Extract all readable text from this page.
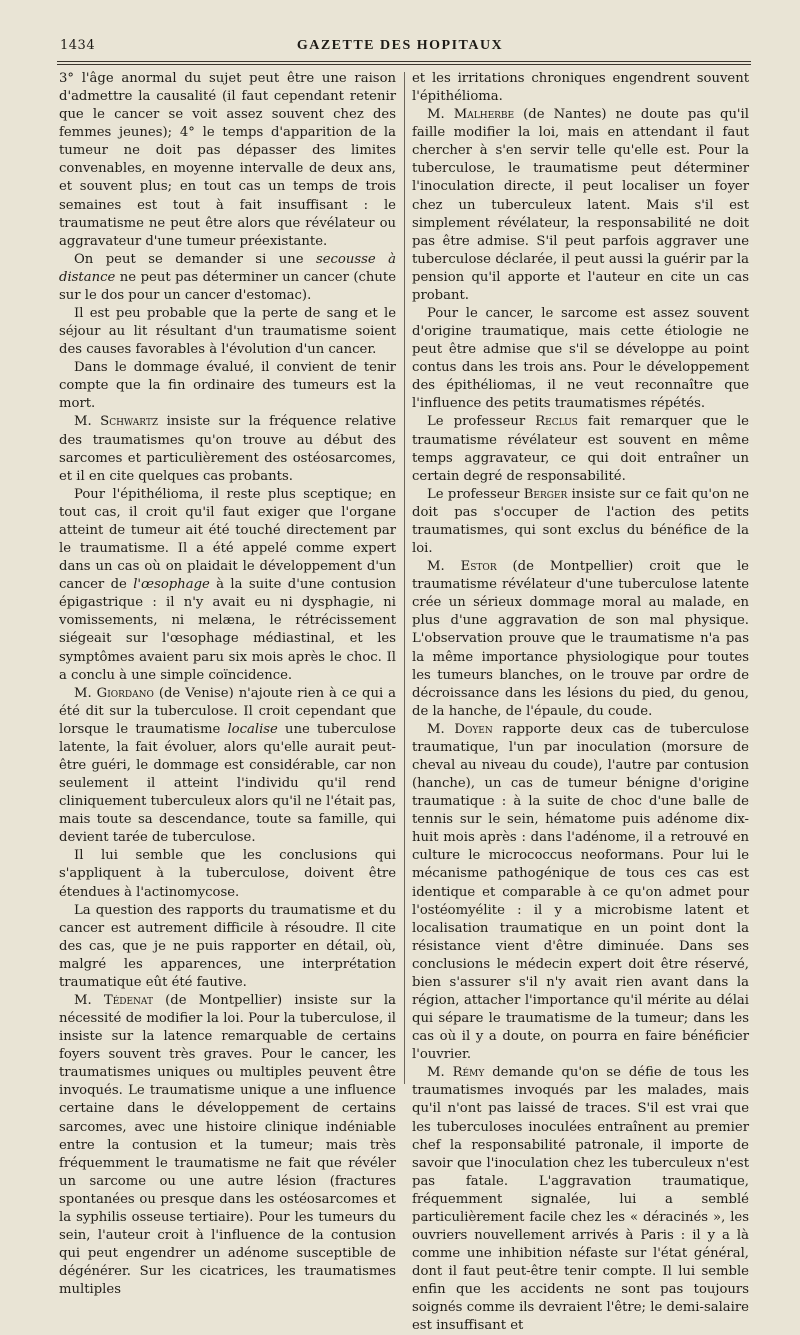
1434	GAZETTE DES HOPITAUX

3° l'âge anormal du sujet peut être une raison d'admettre la causalité (il faut cependant retenir que le cancer se voit assez souvent chez des femmes jeunes); 4° le temps d'apparition de la tumeur ne doit pas dépasser des limites convenables, en moyenne intervalle de deux ans, et souvent plus; en tout cas un temps de trois semaines est tout à fait insuffisant : le traumatisme ne peut être alors que révélateur ou aggravateur d'une tumeur préexistante.

On peut se demander si une secousse à distance ne peut pas déterminer un cancer (chute sur le dos pour un cancer d'estomac).

Il est peu probable que la perte de sang et le séjour au lit résultant d'un traumatisme soient des causes favorables à l'évolution d'un cancer.

Dans le dommage évalué, il convient de tenir compte que la fin ordinaire des tumeurs est la mort.

M. Schwartz insiste sur la fréquence relative des traumatismes qu'on trouve au début des sarcomes et particulièrement des ostéosarcomes, et il en cite quelques cas probants.

Pour l'épithélioma, il reste plus sceptique; en tout cas, il croit qu'il faut exiger que l'organe atteint de tumeur ait été touché directement par le traumatisme. Il a été appelé comme expert dans un cas où on plaidait le développement d'un cancer de l'œsophage à la suite d'une contusion épigastrique : il n'y avait eu ni dysphagie, ni vomissements, ni melæna, le rétrécissement siégeait sur l'œsophage médiastinal, et les symptômes avaient paru six mois après le choc. Il a conclu à une simple coïncidence.

M. Giordano (de Venise) n'ajoute rien à ce qui a été dit sur la tuberculose. Il croit cependant que lorsque le traumatisme localise une tuberculose latente, la fait évoluer, alors qu'elle aurait peut-être guéri, le dommage est considérable, car non seulement il atteint l'individu qu'il rend cliniquement tuberculeux alors qu'il ne l'était pas, mais toute sa descendance, toute sa famille, qui devient tarée de tuberculose.

Il lui semble que les conclusions qui s'appliquent à la tuberculose, doivent être étendues à l'actinomycose.

La question des rapports du traumatisme et du cancer est autrement difficile à résoudre. Il cite des cas, que je ne puis rapporter en détail, où, malgré les apparences, une interprétation traumatique eût été fautive.

M. Tédenat (de Montpellier) insiste sur la nécessité de modifier la loi. Pour la tuberculose, il insiste sur la latence remarquable de certains foyers souvent très graves. Pour le cancer, les traumatismes uniques ou multiples peuvent être invoqués. Le traumatisme unique a une influence certaine dans le développement de certains sarcomes, avec une histoire clinique indéniable entre la contusion et la tumeur; mais très fréquemment le traumatisme ne fait que révéler un sarcome ou une autre lésion (fractures spontanées ou presque dans les ostéosarcomes et la syphilis osseuse tertiaire). Pour les tumeurs du sein, l'auteur croit à l'influence de la contusion qui peut engendrer un adénome susceptible de dégénérer. Sur les cicatrices, les traumatismes multiples

et les irritations chroniques engendrent souvent l'épithélioma.

M. Malherbe (de Nantes) ne doute pas qu'il faille modifier la loi, mais en attendant il faut chercher à s'en servir telle qu'elle est. Pour la tuberculose, le traumatisme peut déterminer l'inoculation directe, il peut localiser un foyer chez un tuberculeux latent. Mais s'il est simplement révélateur, la responsabilité ne doit pas être admise. S'il peut parfois aggraver une tuberculose déclarée, il peut aussi la guérir par la pension qu'il apporte et l'auteur en cite un cas probant.

Pour le cancer, le sarcome est assez souvent d'origine traumatique, mais cette étiologie ne peut être admise que s'il se développe au point contus dans les trois ans. Pour le développement des épithéliomas, il ne veut reconnaître que l'influence des petits traumatismes répétés.

Le professeur Reclus fait remarquer que le traumatisme révélateur est souvent en même temps aggravateur, ce qui doit entraîner un certain degré de responsabilité.

Le professeur Berger insiste sur ce fait qu'on ne doit pas s'occuper de l'action des petits traumatismes, qui sont exclus du bénéfice de la loi.

M. Estor (de Montpellier) croit que le traumatisme révélateur d'une tuberculose latente crée un sérieux dommage moral au malade, en plus d'une aggravation de son mal physique. L'observation prouve que le traumatisme n'a pas la même importance physiologique pour toutes les tumeurs blanches, on le trouve par ordre de décroissance dans les lésions du pied, du genou, de la hanche, de l'épaule, du coude.

M. Doyen rapporte deux cas de tuberculose traumatique, l'un par inoculation (morsure de cheval au niveau du coude), l'autre par contusion (hanche), un cas de tumeur bénigne d'origine traumatique : à la suite de choc d'une balle de tennis sur le sein, hématome puis adénome dix-huit mois après : dans l'adénome, il a retrouvé en culture le micrococcus neoformans. Pour lui le mécanisme pathogénique de tous ces cas est identique et comparable à ce qu'on admet pour l'ostéomyélite : il y a microbisme latent et localisation traumatique en un point dont la résistance vient d'être diminuée. Dans ses conclusions le médecin expert doit être réservé, bien s'assurer s'il n'y avait rien avant dans la région, attacher l'importance qu'il mérite au délai qui sépare le traumatisme de la tumeur; dans les cas où il y a doute, on pourra en faire bénéficier l'ouvrier.

M. Rémy demande qu'on se défie de tous les traumatismes invoqués par les malades, mais qu'il n'ont pas laissé de traces. S'il est vrai que les tuberculoses inoculées entraînent au premier chef la responsabilité patronale, il importe de savoir que l'inoculation chez les tuberculeux n'est pas fatale. L'aggravation traumatique, fréquemment signalée, lui a semblé particulièrement facile chez les « déracinés », les ouvriers nouvellement arrivés à Paris : il y a là comme une inhibition néfaste sur l'état général, dont il faut peut-être tenir compte. Il lui semble enfin que les accidents ne sont pas toujours soignés comme ils devraient l'être; le demi-salaire est insuffisant et
